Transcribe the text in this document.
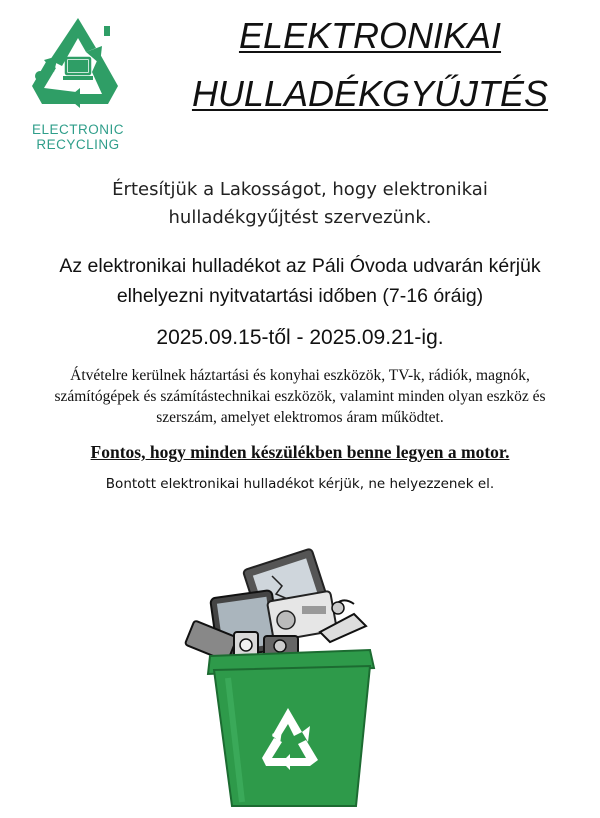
ELECTRONIC
RECYCLING
ELEKTRONIKAI
HULLADÉKGYŰJTÉS
Értesítjük a Lakosságot, hogy elektronikai
hulladékgyűjtést szervezünk.
Az elektronikai hulladékot az Páli Óvoda udvarán kérjük
elhelyezni nyitvatartási időben (7-16 óráig)
2025.09.15-től - 2025.09.21-ig.
Átvételre kerülnek háztartási és konyhai eszközök, TV-k, rádiók, magnók,
számítógépek és számítástechnikai eszközök, valamint minden olyan eszköz és
szerszám, amelyet elektromos áram működtet.
Fontos, hogy minden készülékben benne legyen a motor.
Bontott elektronikai hulladékot kérjük, ne helyezzenek el.
